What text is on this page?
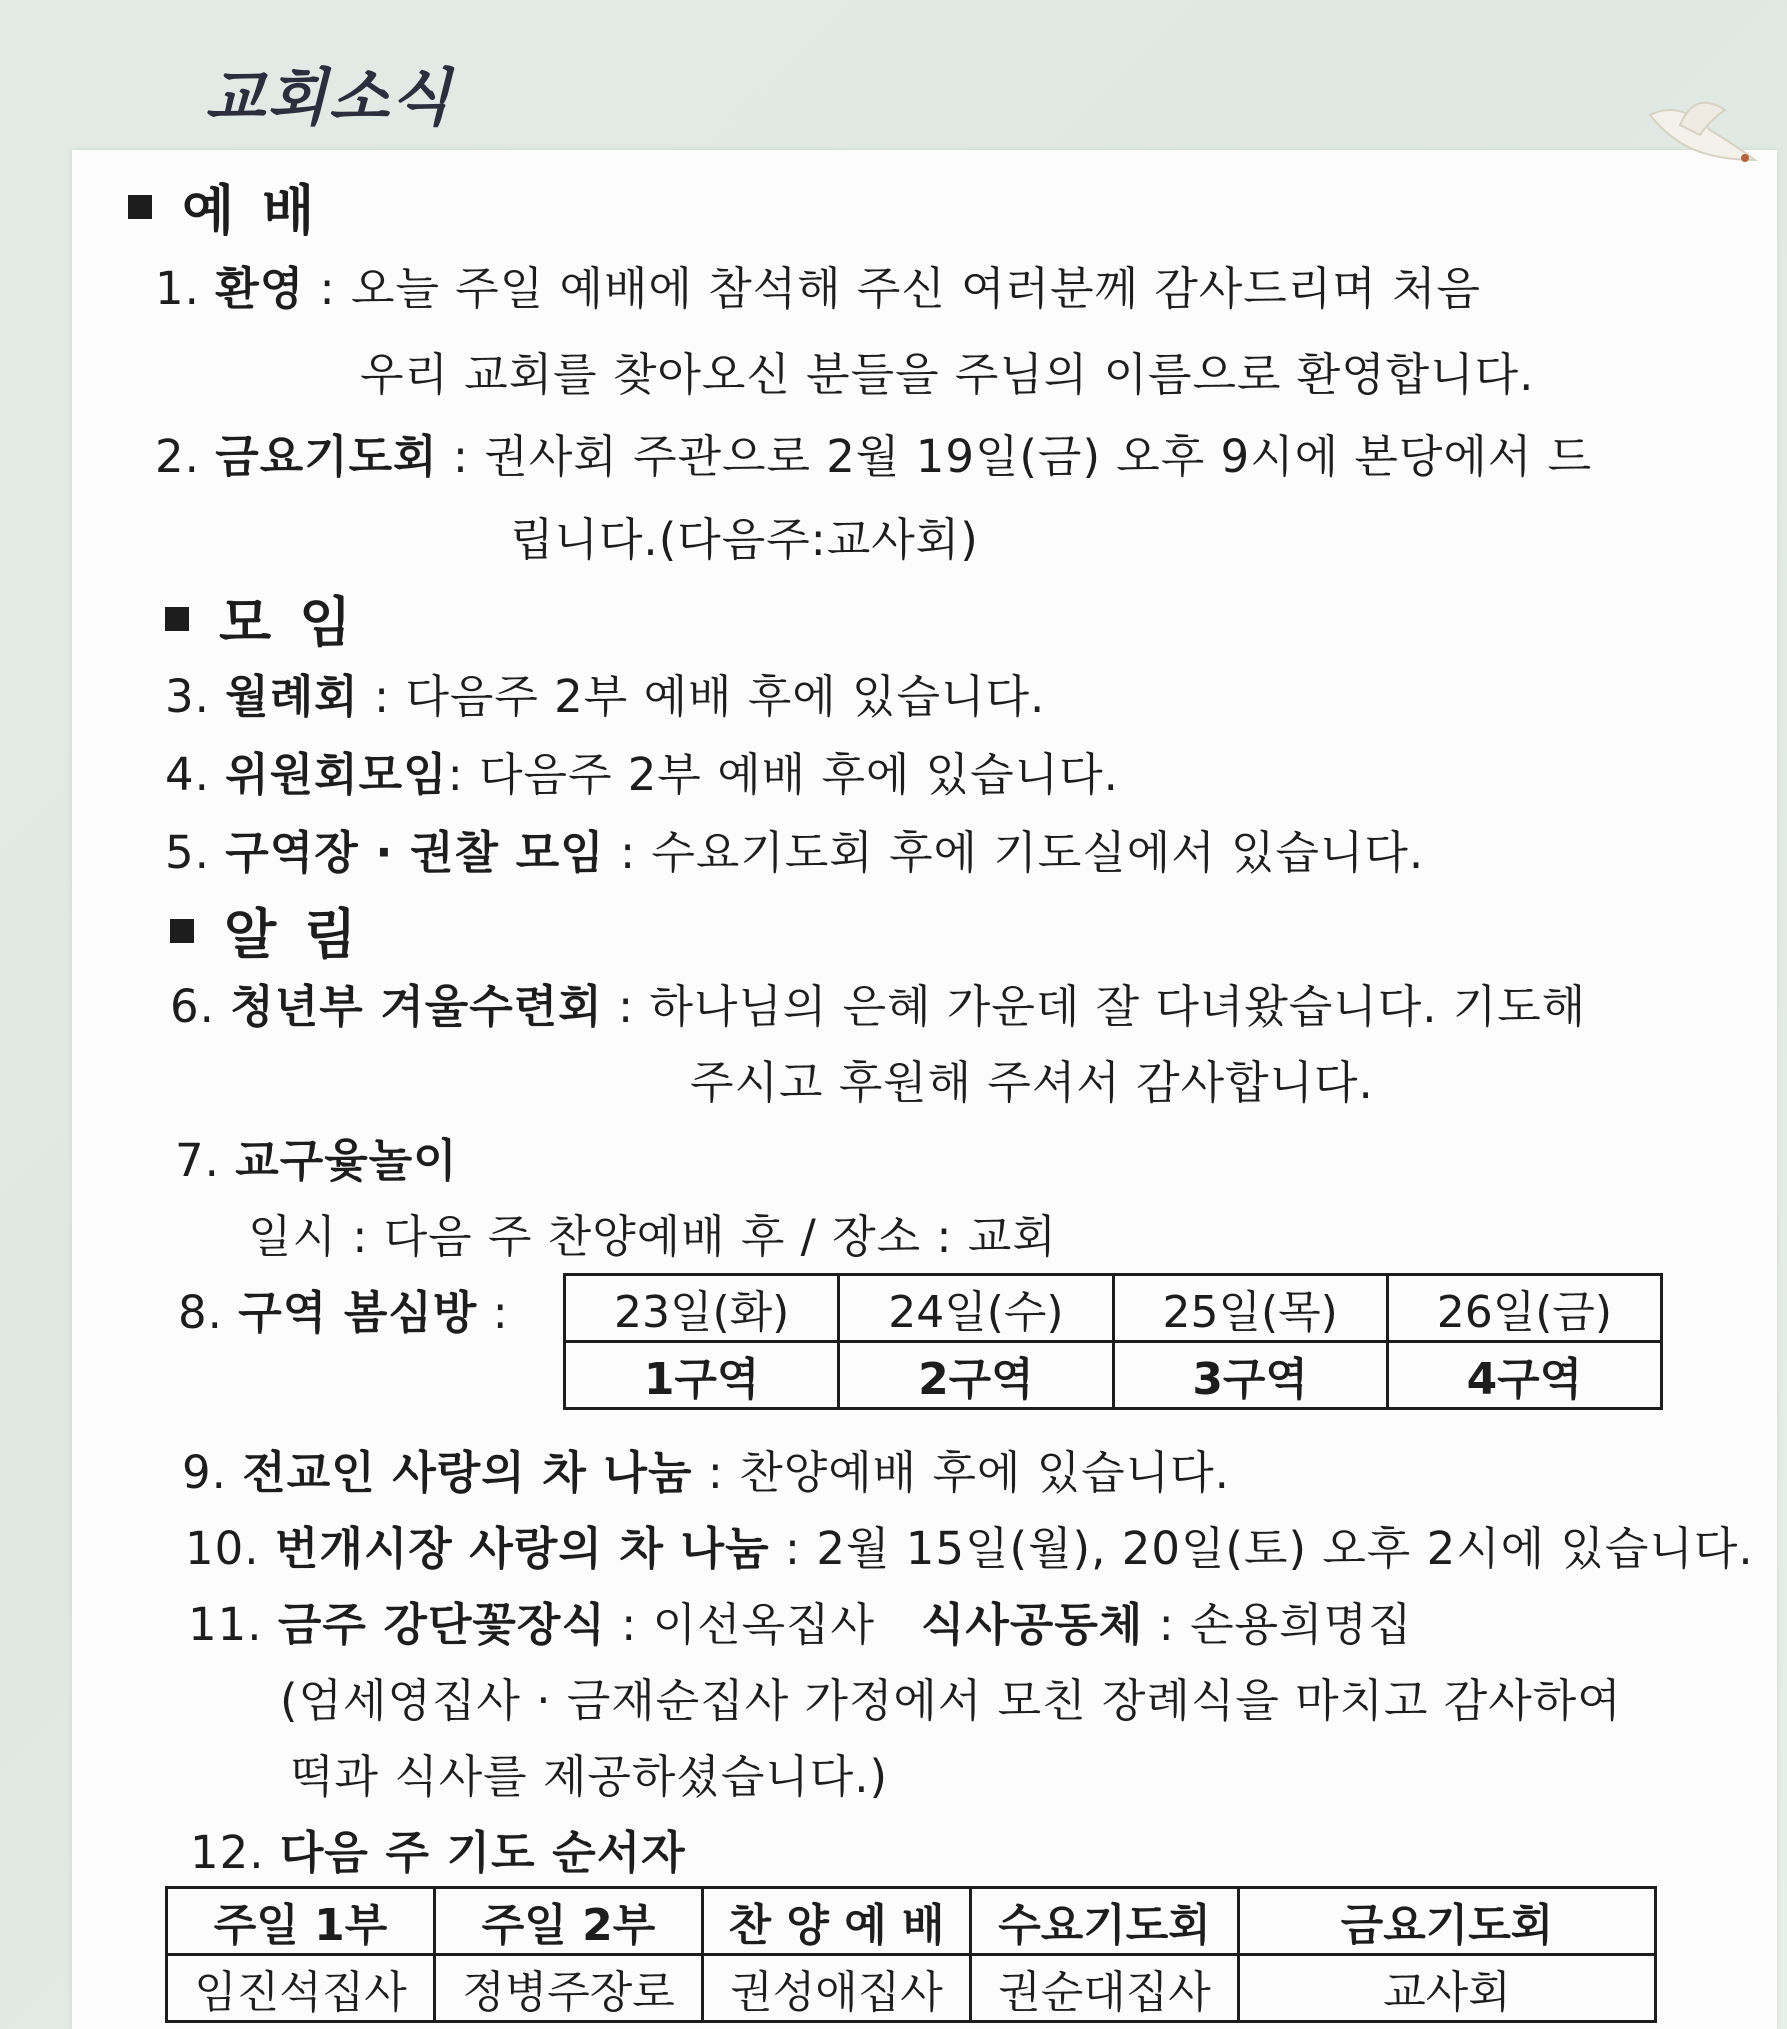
교회소식
예배
1. 환영 : 오늘 주일 예배에 참석해 주신 여러분께 감사드리며 처음
우리 교회를 찾아오신 분들을 주님의 이름으로 환영합니다.
2. 금요기도회 : 권사회 주관으로 2월 19일(금) 오후 9시에 본당에서 드
립니다.(다음주:교사회)
모임
3. 월례회 : 다음주 2부 예배 후에 있습니다.
4. 위원회모임: 다음주 2부 예배 후에 있습니다.
5. 구역장 · 권찰 모임 : 수요기도회 후에 기도실에서 있습니다.
알림
6. 청년부 겨울수련회 : 하나님의 은혜 가운데 잘 다녀왔습니다. 기도해
주시고 후원해 주셔서 감사합니다.
7. 교구윷놀이
일시 : 다음 주 찬양예배 후 / 장소 : 교회
8. 구역 봄심방 : 23일(화)	24일(수)	25일(목)	26일(금)
1구역	2구역	3구역	4구역
9. 전교인 사랑의 차 나눔 : 찬양예배 후에 있습니다.
10. 번개시장 사랑의 차 나눔 : 2월 15일(월), 20일(토) 오후 2시에 있습니다.
11. 금주 강단꽃장식 : 이선옥집사 식사공동체 : 손용희명집
(엄세영집사 · 금재순집사 가정에서 모친 장례식을 마치고 감사하여
떡과 식사를 제공하셨습니다.)
12. 다음 주 기도 순서자
주일 1부	주일 2부	찬 양 예 배	수요기도회	금요기도회
임진석집사	정병주장로	권성애집사	권순대집사	교사회
